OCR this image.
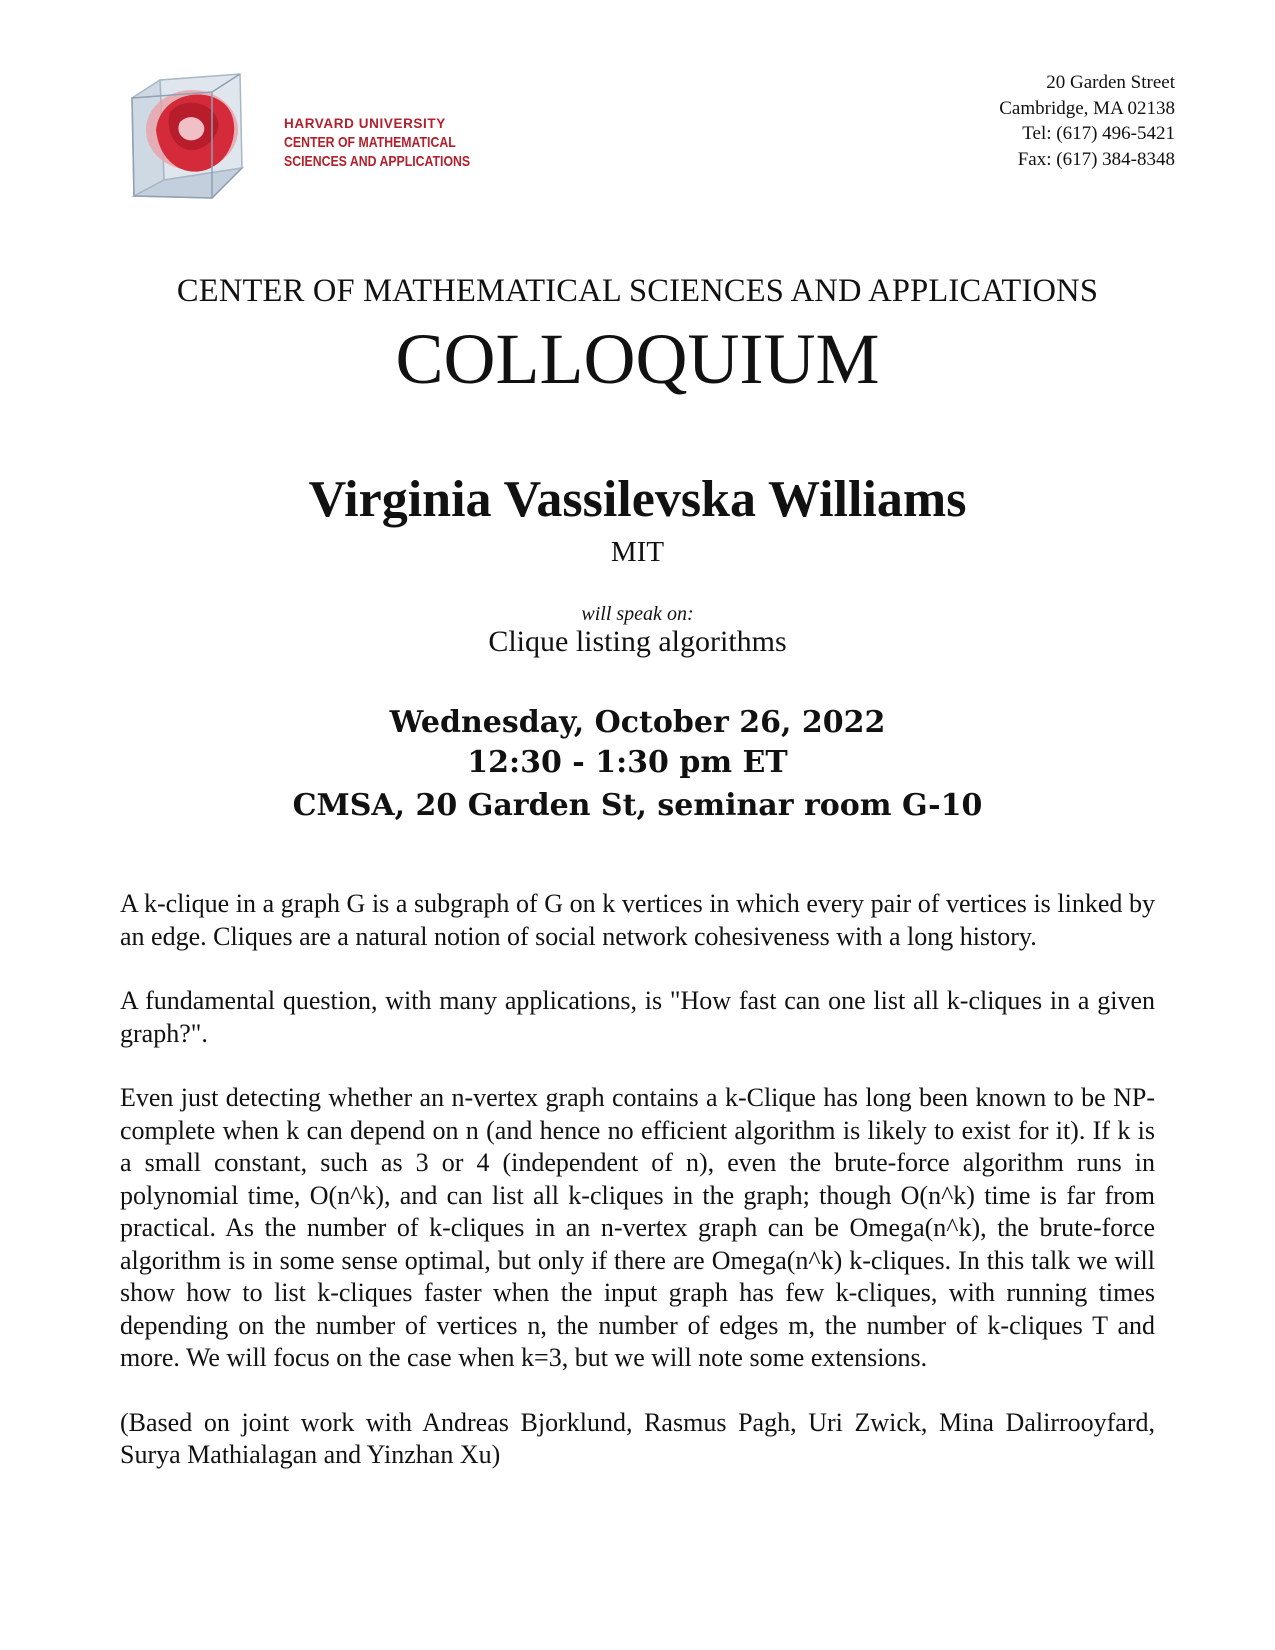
HARVARD UNIVERSITY
CENTER OF MATHEMATICAL
SCIENCES AND APPLICATIONS
20 Garden Street
Cambridge, MA 02138
Tel: (617) 496-5421
Fax: (617) 384-8348
CENTER OF MATHEMATICAL SCIENCES AND APPLICATIONS
COLLOQUIUM
Virginia Vassilevska Williams
MIT
will speak on:
Clique listing algorithms
Wednesday, October 26, 2022
12:30 - 1:30 pm ET
CMSA, 20 Garden St, seminar room G-10

A k-clique in a graph G is a subgraph of G on k vertices in which every pair of vertices is linked by an edge. Cliques are a natural notion of social network cohesiveness with a long history.

A fundamental question, with many applications, is "How fast can one list all k-cliques in a given graph?".

Even just detecting whether an n-vertex graph contains a k-Clique has long been known to be NP-complete when k can depend on n (and hence no efficient algorithm is likely to exist for it). If k is a small constant, such as 3 or 4 (independent of n), even the brute-force algorithm runs in polynomial time, O(n^k), and can list all k-cliques in the graph; though O(n^k) time is far from practical. As the number of k-cliques in an n-vertex graph can be Omega(n^k), the brute-force algorithm is in some sense optimal, but only if there are Omega(n^k) k-cliques. In this talk we will show how to list k-cliques faster when the input graph has few k-cliques, with running times depending on the number of vertices n, the number of edges m, the number of k-cliques T and more. We will focus on the case when k=3, but we will note some extensions.

(Based on joint work with Andreas Bjorklund, Rasmus Pagh, Uri Zwick, Mina Dalirrooyfard, Surya Mathialagan and Yinzhan Xu)
